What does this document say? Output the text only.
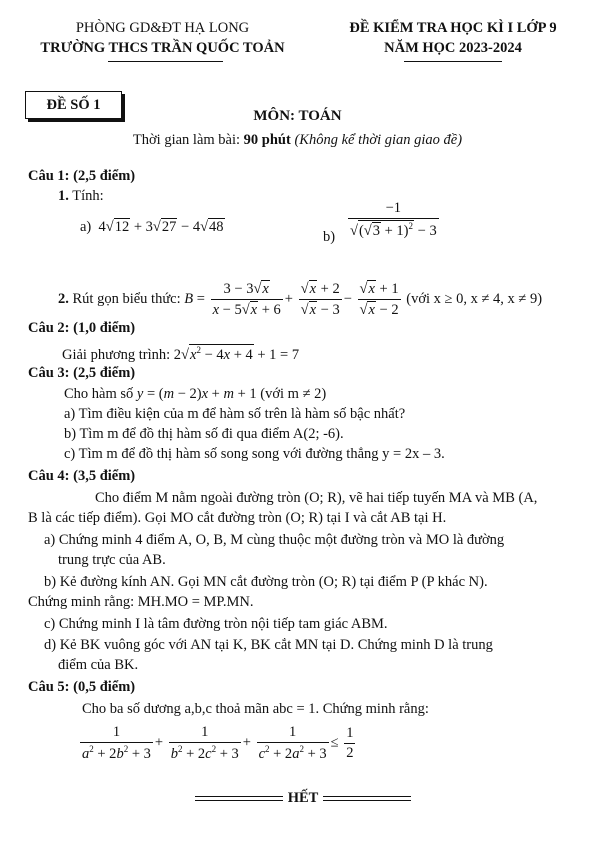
PHÒNG GD&ĐT HẠ LONG
TRƯỜNG THCS TRẦN QUỐC TOẢN
ĐỀ KIỂM TRA HỌC KÌ I LỚP 9
NĂM HỌC 2023-2024
ĐỀ SỐ 1
MÔN: TOÁN
Thời gian làm bài: 90 phút (Không kể thời gian giao đề)
Câu 1: (2,5 điểm)
1. Tính:
a) 4√12 + 3√27 − 4√48
$b) \frac{-1}{√(√3 + 1)^2 - 3}$
2. Rút gọn biểu thức: $B = \frac{3 - 3√x}{x - 5√x + 6} + \frac{√x + 2}{√x - 3} - \frac{√x + 1}{√x - 2}$ (với x ≥ 0, x ≠ 4, x ≠ 9)
Câu 2: (1,0 điểm)
Giải phương trình: $2√x^2 - 4x + 4 + 1 = 7$
Câu 3: (2,5 điểm)
Cho hàm số y = (m − 2)x + m + 1 (với m ≠ 2)
a) Tìm điều kiện của m để hàm số trên là hàm số bậc nhất?
b) Tìm m để đồ thị hàm số đi qua điểm A(2; -6).
c) Tìm m để đồ thị hàm số song song với đường thẳng y = 2x – 3.
Câu 4: (3,5 điểm)
Cho điểm M nằm ngoài đường tròn (O; R), vẽ hai tiếp tuyến MA và MB (A,
B là các tiếp điểm). Gọi MO cắt đường tròn (O; R) tại I và cắt AB tại H.
a) Chứng minh 4 điểm A, O, B, M cùng thuộc một đường tròn và MO là đường
trung trực của AB.
b) Kẻ đường kính AN. Gọi MN cắt đường tròn (O; R) tại điểm P (P khác N).
Chứng minh rằng: MH.MO = MP.MN.
c) Chứng minh I là tâm đường tròn nội tiếp tam giác ABM.
d) Kẻ BK vuông góc với AN tại K, BK cắt MN tại D. Chứng minh D là trung
điểm của BK.
Câu 5: (0,5 điểm)
Cho ba số dương a,b,c thoả mãn abc = 1. Chứng minh rằng:
$\frac{1}{a^2 + 2b^2 + 3} + \frac{1}{b^2 + 2c^2 + 3} + \frac{1}{c^2 + 2a^2 + 3} \le \frac{1}{2}$
HẾT
